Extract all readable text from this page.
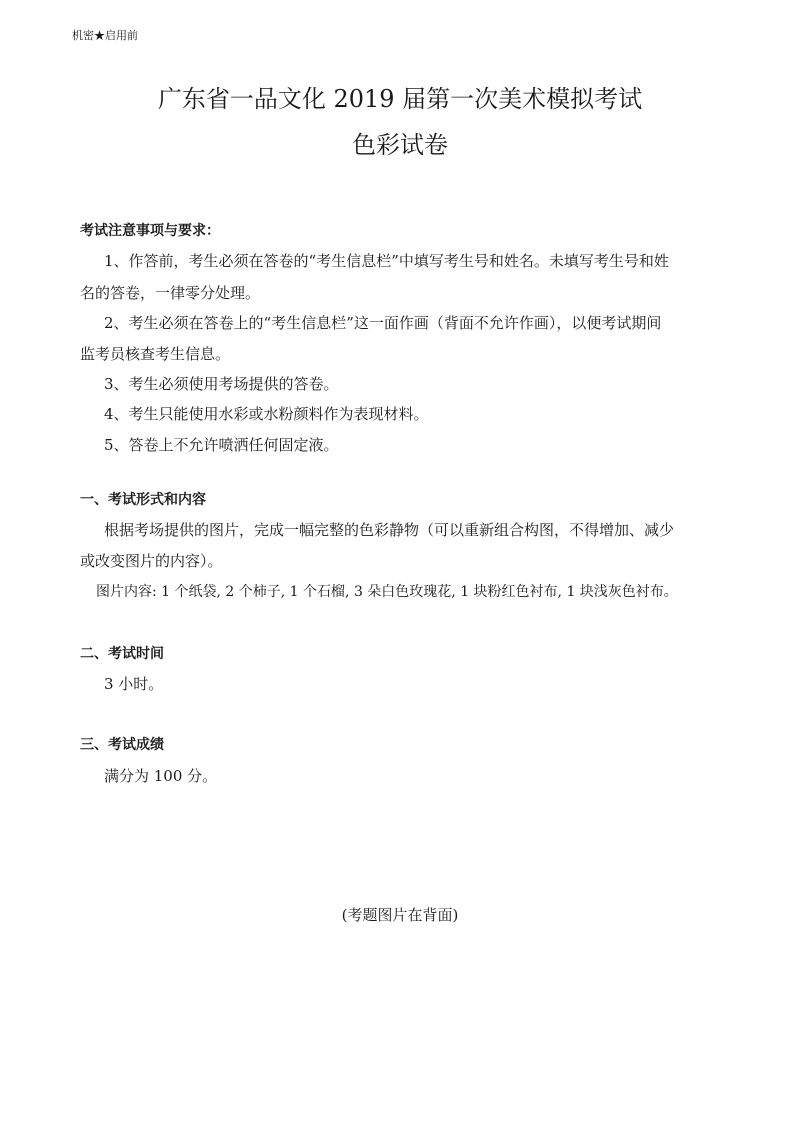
机密★启用前
广东省一品文化 2019 届第一次美术模拟考试
色彩试卷
考试注意事项与要求：
1、作答前，考生必须在答卷的“考生信息栏”中填写考生号和姓名。未填写考生号和姓
名的答卷，一律零分处理。
2、考生必须在答卷上的“考生信息栏”这一面作画（背面不允许作画），以便考试期间
监考员核查考生信息。
3、考生必须使用考场提供的答卷。
4、考生只能使用水彩或水粉颜料作为表现材料。
5、答卷上不允许喷洒任何固定液。
一、考试形式和内容
根据考场提供的图片，完成一幅完整的色彩静物（可以重新组合构图，不得增加、减少
或改变图片的内容）。
图片内容: 1 个纸袋, 2 个柿子, 1 个石榴, 3 朵白色玫瑰花, 1 块粉红色衬布, 1 块浅灰色衬布。
二、考试时间
3 小时。
三、考试成绩
满分为 100 分。
(考题图片在背面)
